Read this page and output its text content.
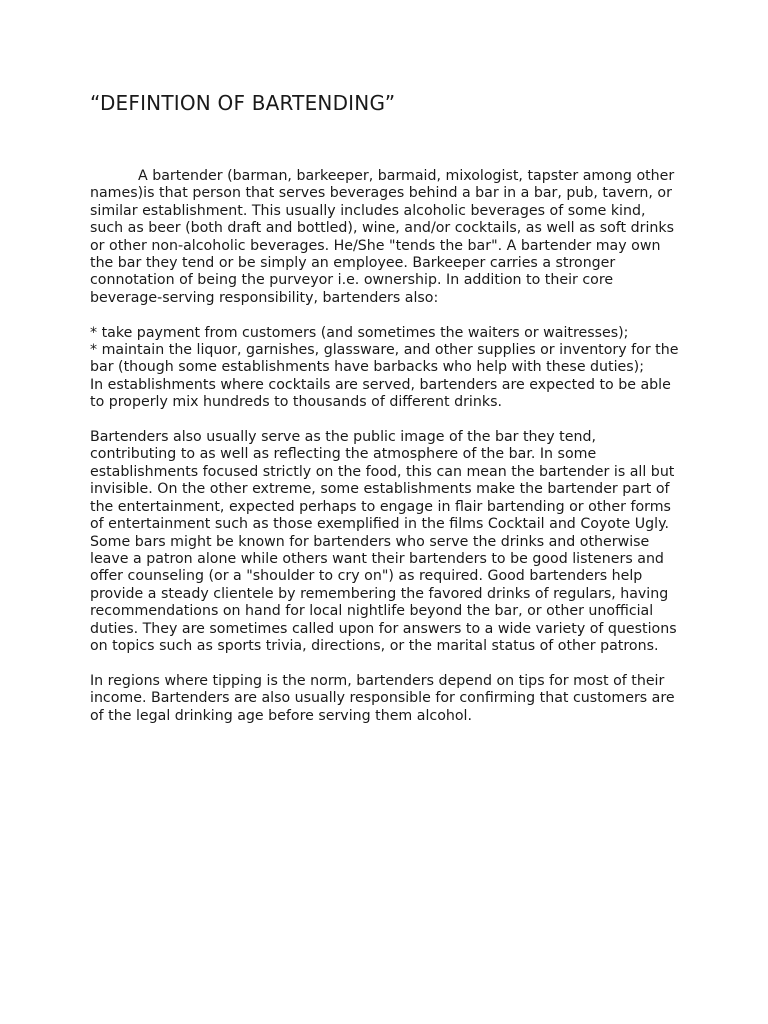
“DEFINTION OF BARTENDING”

A bartender (barman, barkeeper, barmaid, mixologist, tapster among other names)is that person that serves beverages behind a bar in a bar, pub, tavern, or similar establishment. This usually includes alcoholic beverages of some kind, such as beer (both draft and bottled), wine, and/or cocktails, as well as soft drinks or other non-alcoholic beverages. He/She "tends the bar". A bartender may own the bar they tend or be simply an employee. Barkeeper carries a stronger connotation of being the purveyor i.e. ownership. In addition to their core beverage-serving responsibility, bartenders also:

* take payment from customers (and sometimes the waiters or waitresses);

* maintain the liquor, garnishes, glassware, and other supplies or inventory for the bar (though some establishments have barbacks who help with these duties);

In establishments where cocktails are served, bartenders are expected to be able to properly mix hundreds to thousands of different drinks.

Bartenders also usually serve as the public image of the bar they tend, contributing to as well as reflecting the atmosphere of the bar. In some establishments focused strictly on the food, this can mean the bartender is all but invisible. On the other extreme, some establishments make the bartender part of the entertainment, expected perhaps to engage in flair bartending or other forms of entertainment such as those exemplified in the films Cocktail and Coyote Ugly. Some bars might be known for bartenders who serve the drinks and otherwise leave a patron alone while others want their bartenders to be good listeners and offer counseling (or a "shoulder to cry on") as required. Good bartenders help provide a steady clientele by remembering the favored drinks of regulars, having recommendations on hand for local nightlife beyond the bar, or other unofficial duties. They are sometimes called upon for answers to a wide variety of questions on topics such as sports trivia, directions, or the marital status of other patrons.

In regions where tipping is the norm, bartenders depend on tips for most of their income. Bartenders are also usually responsible for confirming that customers are of the legal drinking age before serving them alcohol.
